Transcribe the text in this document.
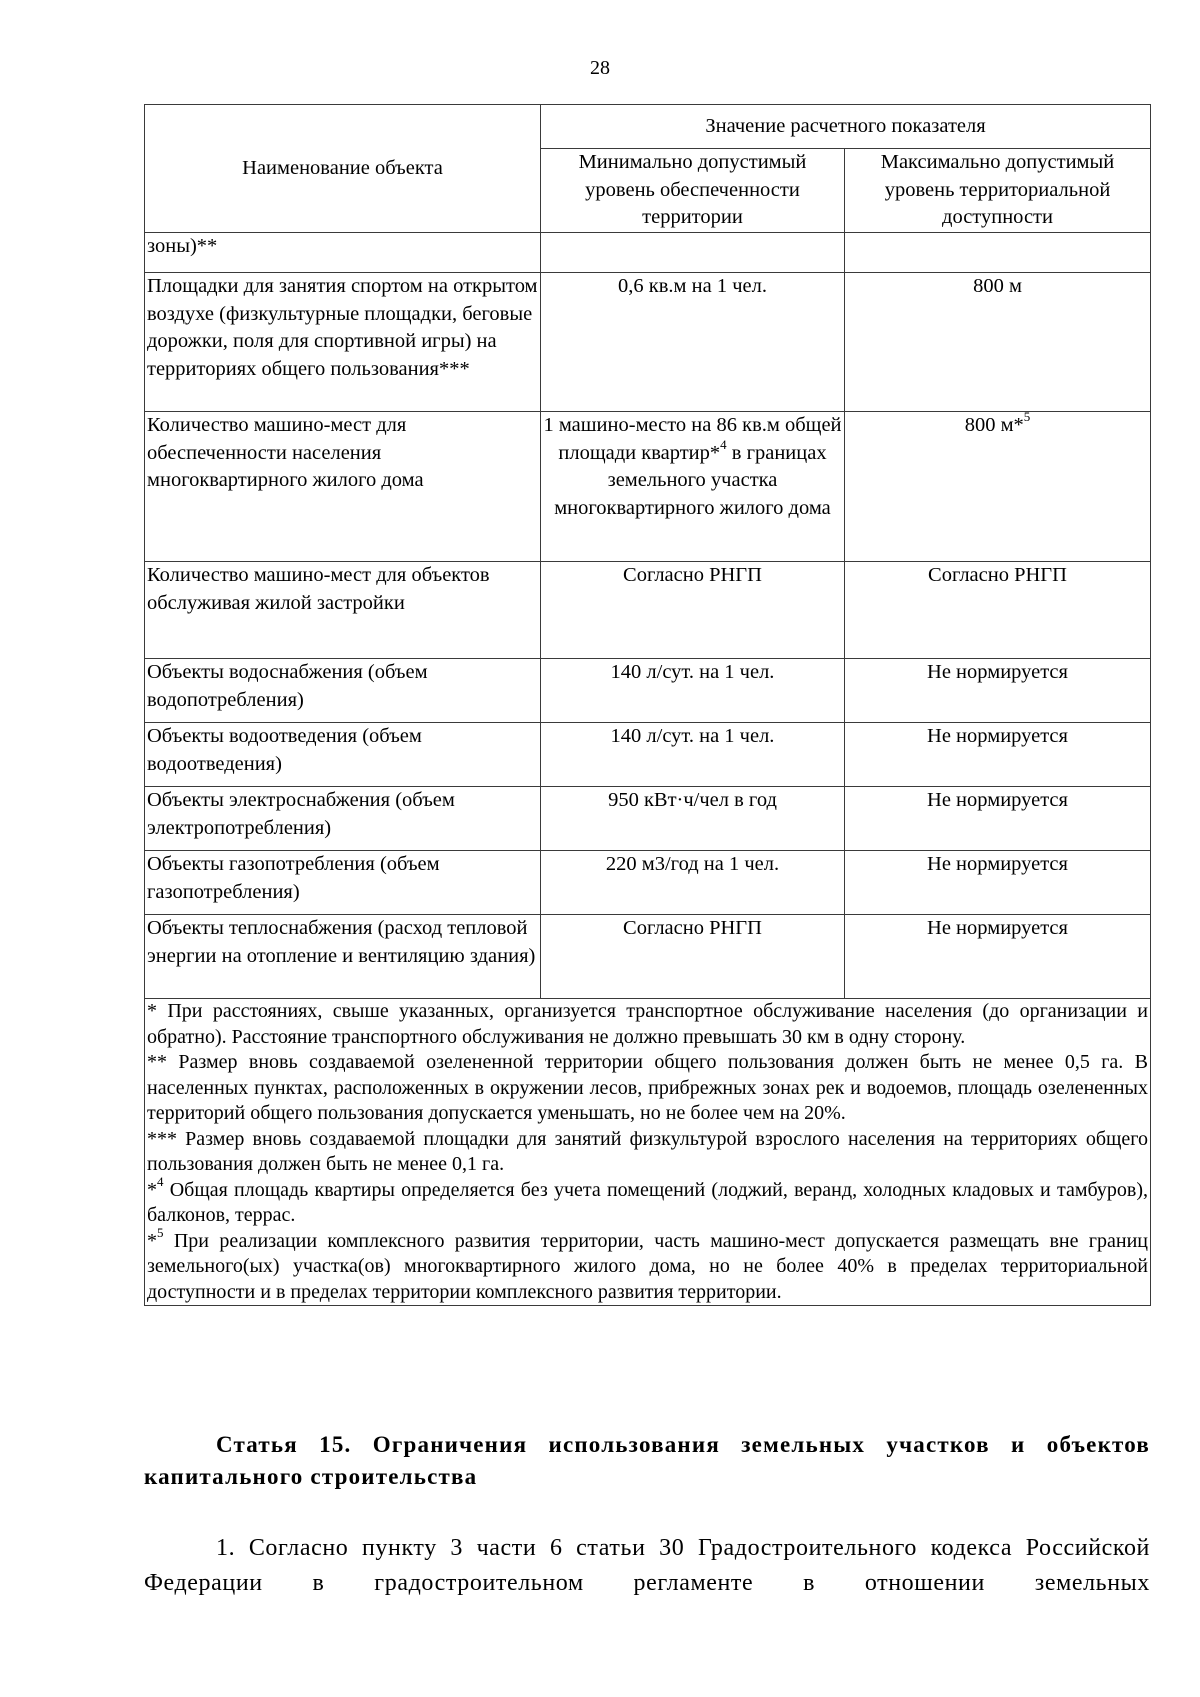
28
Наименование объекта	Значение расчетного показателя	
	Минимально допустимый уровень обеспеченности территории	Максимально допустимый уровень территориальной доступности
зоны)**		
Площадки для занятия спортом на открытом воздухе (физкультурные площадки, беговые дорожки, поля для спортивной игры) на территориях общего пользования***	0,6 кв.м на 1 чел.	800 м
Количество машино-мест для обеспеченности населения многоквартирного жилого дома	1 машино-место на 86 кв.м общей площади квартир*$^4$ в границах земельного участка многоквартирного жилого дома	800 м*$^5$
Количество машино-мест для объектов обслуживая жилой застройки	Согласно РНГП	Согласно РНГП
Объекты водоснабжения (объем водопотребления)	140 л/сут. на 1 чел.	Не нормируется
Объекты водоотведения (объем водоотведения)	140 л/сут. на 1 чел.	Не нормируется
Объекты электроснабжения (объем электропотребления)	950 кВт·ч/чел в год	Не нормируется
Объекты газопотребления (объем газопотребления)	220 м3/год на 1 чел.	Не нормируется
Объекты теплоснабжения (расход тепловой энергии на отопление и вентиляцию здания)	Согласно РНГП	Не нормируется

* При расстояниях, свыше указанных, организуется транспортное обслуживание населения (до организации и обратно). Расстояние транспортного обслуживания не должно превышать 30 км в одну сторону.
** Размер вновь создаваемой озелененной территории общего пользования должен быть не менее 0,5 га. В населенных пунктах, расположенных в окружении лесов, прибрежных зонах рек и водоемов, площадь озелененных территорий общего пользования допускается уменьшать, но не более чем на 20%.
*** Размер вновь создаваемой площадки для занятий физкультурой взрослого населения на территориях общего пользования должен быть не менее 0,1 га.
*$^4$ Общая площадь квартиры определяется без учета помещений (лоджий, веранд, холодных кладовых и тамбуров), балконов, террас.
*$^5$ При реализации комплексного развития территории, часть машино-мест допускается размещать вне границ земельного(ых) участка(ов) многоквартирного жилого дома, но не более 40% в пределах территориальной доступности и в пределах территории комплексного развития территории.		
Статья 15. Ограничения использования земельных участков и объектов капитального строительства
1. Согласно пункту 3 части 6 статьи 30 Градостроительного кодекса Российской Федерации в градостроительном регламенте в отношении земельных
